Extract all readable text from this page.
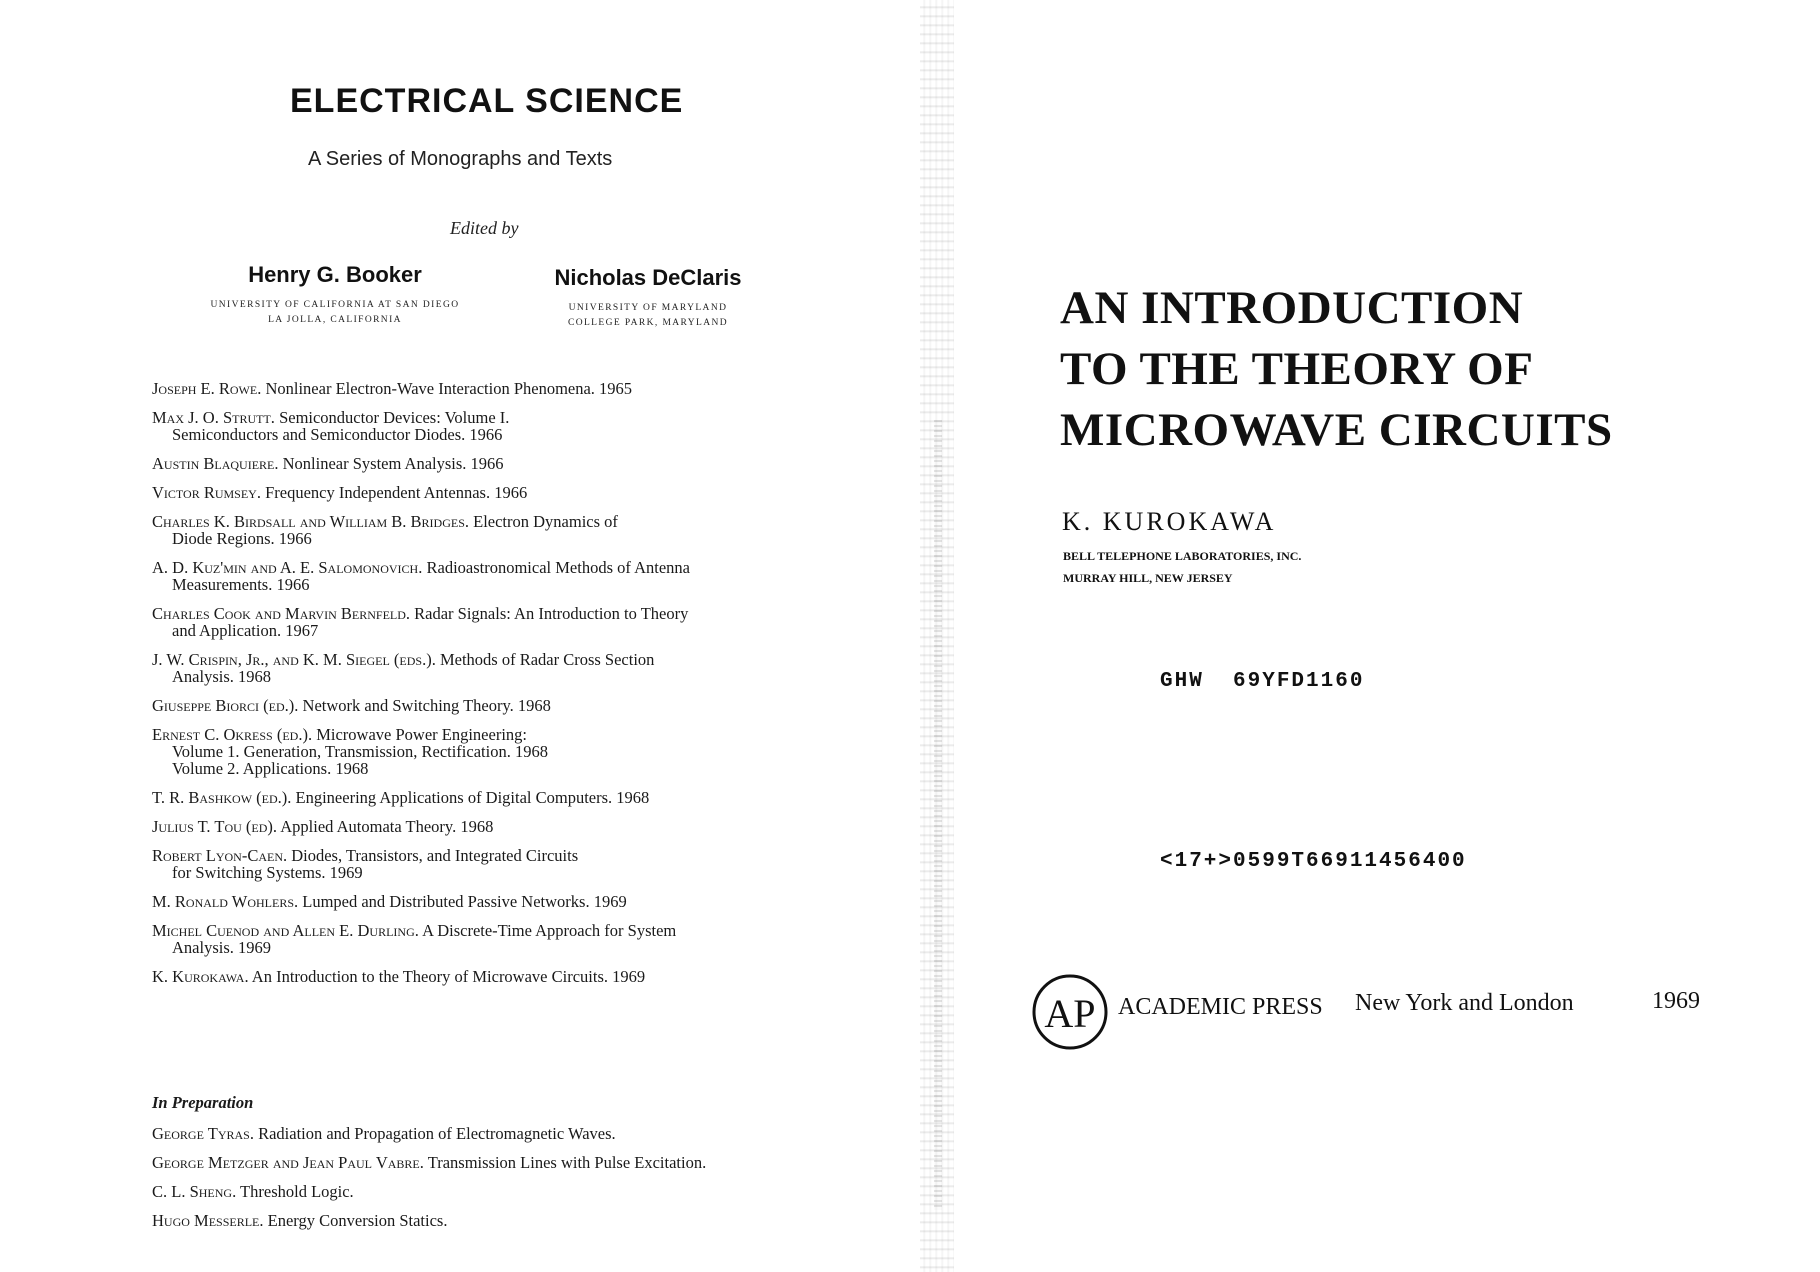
ELECTRICAL SCIENCE
A Series of Monographs and Texts
Edited by
Henry G. Booker
UNIVERSITY OF CALIFORNIA AT SAN DIEGO
LA JOLLA, CALIFORNIA
Nicholas DeClaris
UNIVERSITY OF MARYLAND
COLLEGE PARK, MARYLAND
Joseph E. Rowe. Nonlinear Electron-Wave Interaction Phenomena. 1965
Max J. O. Strutt. Semiconductor Devices: Volume I.
Semiconductors and Semiconductor Diodes. 1966
Austin Blaquiere. Nonlinear System Analysis. 1966
Victor Rumsey. Frequency Independent Antennas. 1966
Charles K. Birdsall and William B. Bridges. Electron Dynamics of
Diode Regions. 1966
A. D. Kuz'min and A. E. Salomonovich. Radioastronomical Methods of Antenna
Measurements. 1966
Charles Cook and Marvin Bernfeld. Radar Signals: An Introduction to Theory
and Application. 1967
J. W. Crispin, Jr., and K. M. Siegel (eds.). Methods of Radar Cross Section
Analysis. 1968
Giuseppe Biorci (ed.). Network and Switching Theory. 1968
Ernest C. Okress (ed.). Microwave Power Engineering:
Volume 1. Generation, Transmission, Rectification. 1968
Volume 2. Applications. 1968
T. R. Bashkow (ed.). Engineering Applications of Digital Computers. 1968
Julius T. Tou (ed). Applied Automata Theory. 1968
Robert Lyon-Caen. Diodes, Transistors, and Integrated Circuits
for Switching Systems. 1969
M. Ronald Wohlers. Lumped and Distributed Passive Networks. 1969
Michel Cuenod and Allen E. Durling. A Discrete-Time Approach for System
Analysis. 1969
K. Kurokawa. An Introduction to the Theory of Microwave Circuits. 1969
In Preparation
George Tyras. Radiation and Propagation of Electromagnetic Waves.
George Metzger and Jean Paul Vabre. Transmission Lines with Pulse Excitation.
C. L. Sheng. Threshold Logic.
Hugo Messerle. Energy Conversion Statics.
AN INTRODUCTION
TO THE THEORY OF
MICROWAVE CIRCUITS
K. KUROKAWA
BELL TELEPHONE LABORATORIES, INC.
MURRAY HILL, NEW JERSEY
GHW  69YFD1160
<17+>0599T66911456400
AP ACADEMIC PRESS New York and London	1969
